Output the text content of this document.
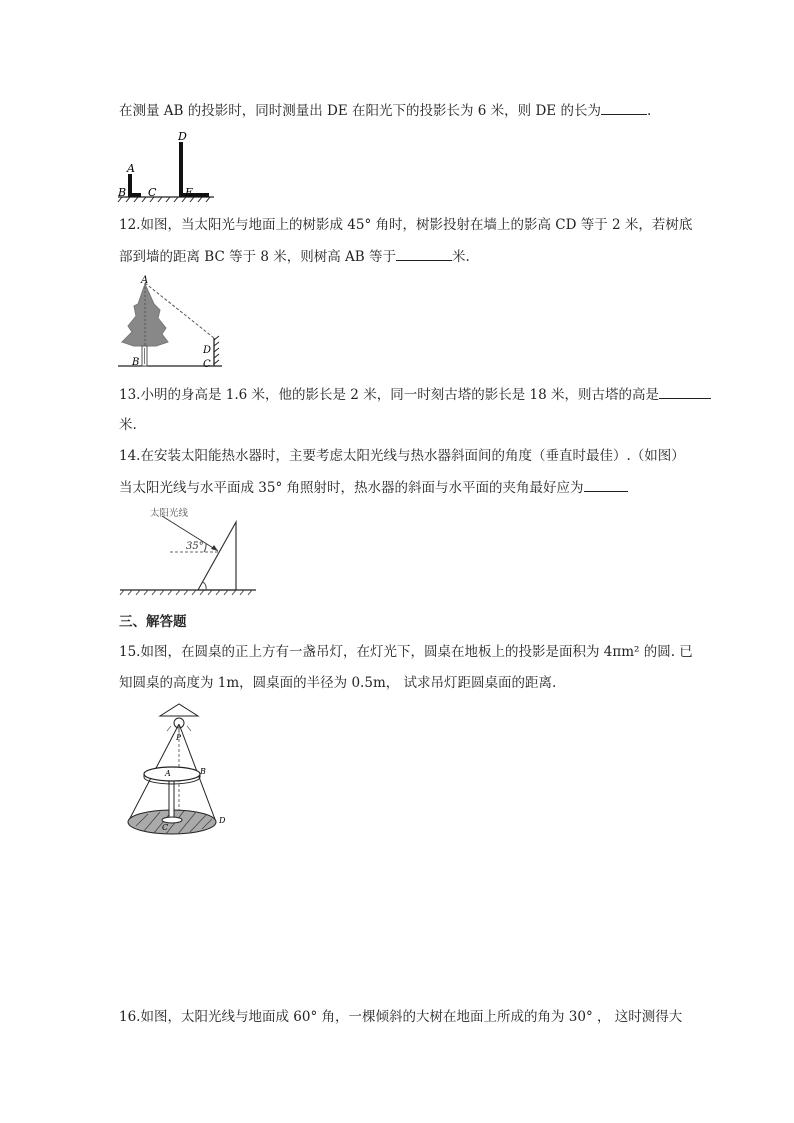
在测量 AB 的投影时，同时测量出 DE 在阳光下的投影长为 6 米，则 DE 的长为	.
A
B C
D
E
12.如图，当太阳光与地面上的树影成 45° 角时，树影投射在墙上的影高 CD 等于 2 米，若树底
部到墙的距离 BC 等于 8 米，则树高 AB 等于	米.
A
B	C
D
13.小明的身高是 1.6 米，他的影长是 2 米，同一时刻古塔的影长是 18 米，则古塔的高是
米.
14.在安装太阳能热水器时，主要考虑太阳光线与热水器斜面间的角度（垂直时最佳）.（如图）
当太阳光线与水平面成 35° 角照射时，热水器的斜面与水平面的夹角最好应为
太阳光线
35°
三、解答题
15.如图，在圆桌的正上方有一盏吊灯，在灯光下，圆桌在地板上的投影是面积为 4πm² 的圆. 已
知圆桌的高度为 1m，圆桌面的半径为 0.5m， 试求吊灯距圆桌面的距离.
P
A	B
C
D
16.如图，太阳光线与地面成 60° 角，一棵倾斜的大树在地面上所成的角为 30° ， 这时测得大
